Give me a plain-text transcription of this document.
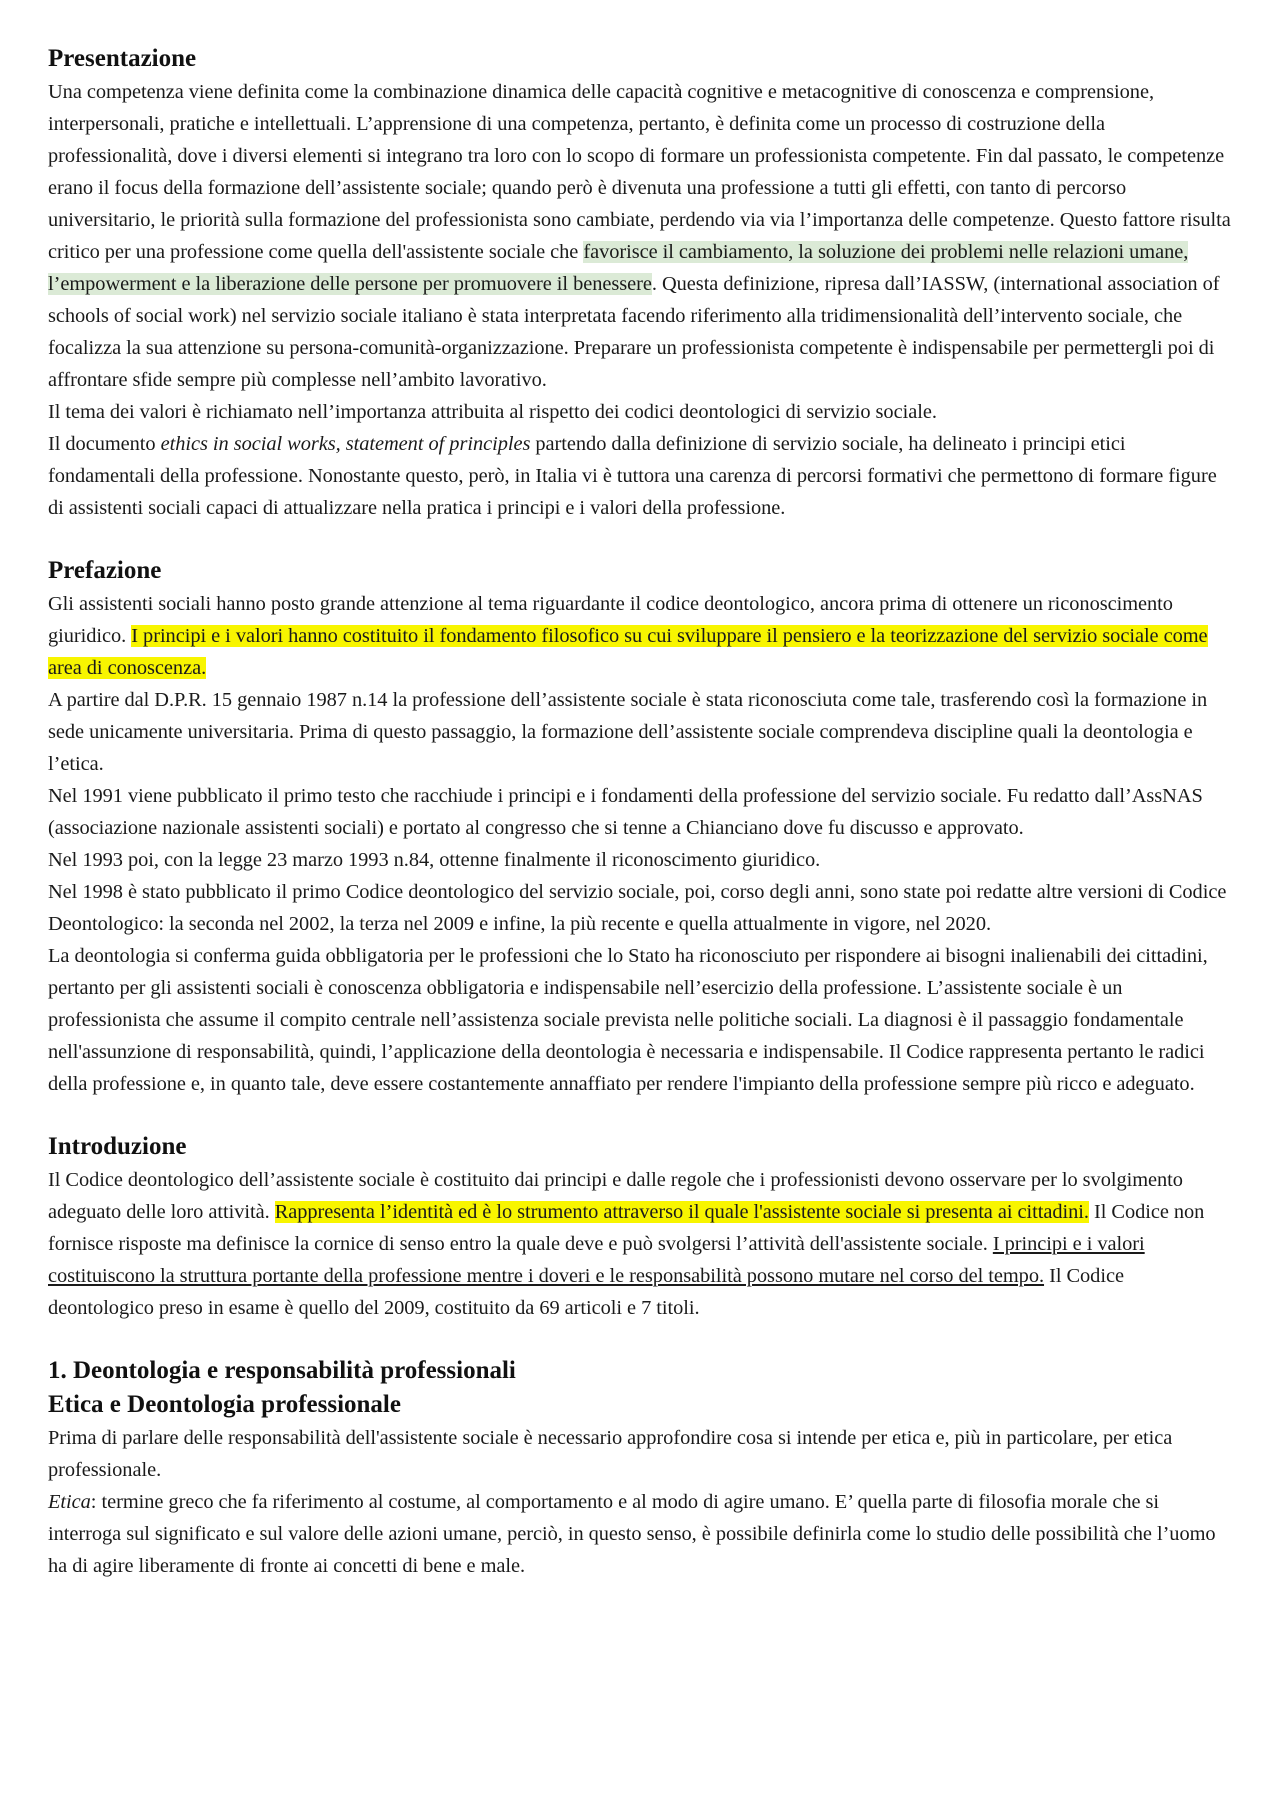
Presentazione

Una competenza viene definita come la combinazione dinamica delle capacità cognitive e metacognitive di conoscenza e comprensione, interpersonali, pratiche e intellettuali. L’apprensione di una competenza, pertanto, è definita come un processo di costruzione della professionalità, dove i diversi elementi si integrano tra loro con lo scopo di formare un professionista competente. Fin dal passato, le competenze erano il focus della formazione dell’assistente sociale; quando però è divenuta una professione a tutti gli effetti, con tanto di percorso universitario, le priorità sulla formazione del professionista sono cambiate, perdendo via via l’importanza delle competenze. Questo fattore risulta critico per una professione come quella dell'assistente sociale che favorisce il cambiamento, la soluzione dei problemi nelle relazioni umane, l’empowerment e la liberazione delle persone per promuovere il benessere. Questa definizione, ripresa dall’IASSW, (international association of schools of social work) nel servizio sociale italiano è stata interpretata facendo riferimento alla tridimensionalità dell’intervento sociale, che focalizza la sua attenzione su persona-comunità-organizzazione. Preparare un professionista competente è indispensabile per permettergli poi di affrontare sfide sempre più complesse nell’ambito lavorativo.

Il tema dei valori è richiamato nell’importanza attribuita al rispetto dei codici deontologici di servizio sociale.

Il documento ethics in social works, statement of principles partendo dalla definizione di servizio sociale, ha delineato i principi etici fondamentali della professione. Nonostante questo, però, in Italia vi è tuttora una carenza di percorsi formativi che permettono di formare figure di assistenti sociali capaci di attualizzare nella pratica i principi e i valori della professione.

Prefazione

Gli assistenti sociali hanno posto grande attenzione al tema riguardante il codice deontologico, ancora prima di ottenere un riconoscimento giuridico. I principi e i valori hanno costituito il fondamento filosofico su cui sviluppare il pensiero e la teorizzazione del servizio sociale come area di conoscenza.

A partire dal D.P.R. 15 gennaio 1987 n.14 la professione dell’assistente sociale è stata riconosciuta come tale, trasferendo così la formazione in sede unicamente universitaria. Prima di questo passaggio, la formazione dell’assistente sociale comprendeva discipline quali la deontologia e l’etica.

Nel 1991 viene pubblicato il primo testo che racchiude i principi e i fondamenti della professione del servizio sociale. Fu redatto dall’AssNAS (associazione nazionale assistenti sociali) e portato al congresso che si tenne a Chianciano dove fu discusso e approvato.

Nel 1993 poi, con la legge 23 marzo 1993 n.84, ottenne finalmente il riconoscimento giuridico.

Nel 1998 è stato pubblicato il primo Codice deontologico del servizio sociale, poi, corso degli anni, sono state poi redatte altre versioni di Codice Deontologico: la seconda nel 2002, la terza nel 2009 e infine, la più recente e quella attualmente in vigore, nel 2020.

La deontologia si conferma guida obbligatoria per le professioni che lo Stato ha riconosciuto per rispondere ai bisogni inalienabili dei cittadini, pertanto per gli assistenti sociali è conoscenza obbligatoria e indispensabile nell’esercizio della professione. L’assistente sociale è un professionista che assume il compito centrale nell’assistenza sociale prevista nelle politiche sociali. La diagnosi è il passaggio fondamentale nell'assunzione di responsabilità, quindi, l’applicazione della deontologia è necessaria e indispensabile. Il Codice rappresenta pertanto le radici della professione e, in quanto tale, deve essere costantemente annaffiato per rendere l'impianto della professione sempre più ricco e adeguato.

Introduzione

Il Codice deontologico dell’assistente sociale è costituito dai principi e dalle regole che i professionisti devono osservare per lo svolgimento adeguato delle loro attività. Rappresenta l’identità ed è lo strumento attraverso il quale l'assistente sociale si presenta ai cittadini. Il Codice non fornisce risposte ma definisce la cornice di senso entro la quale deve e può svolgersi l’attività dell'assistente sociale. I principi e i valori costituiscono la struttura portante della professione mentre i doveri e le responsabilità possono mutare nel corso del tempo. Il Codice deontologico preso in esame è quello del 2009, costituito da 69 articoli e 7 titoli.

1. Deontologia e responsabilità professionali
Etica e Deontologia professionale

Prima di parlare delle responsabilità dell'assistente sociale è necessario approfondire cosa si intende per etica e, più in particolare, per etica professionale.

Etica: termine greco che fa riferimento al costume, al comportamento e al modo di agire umano. E’ quella parte di filosofia morale che si interroga sul significato e sul valore delle azioni umane, perciò, in questo senso, è possibile definirla come lo studio delle possibilità che l’uomo ha di agire liberamente di fronte ai concetti di bene e male.
